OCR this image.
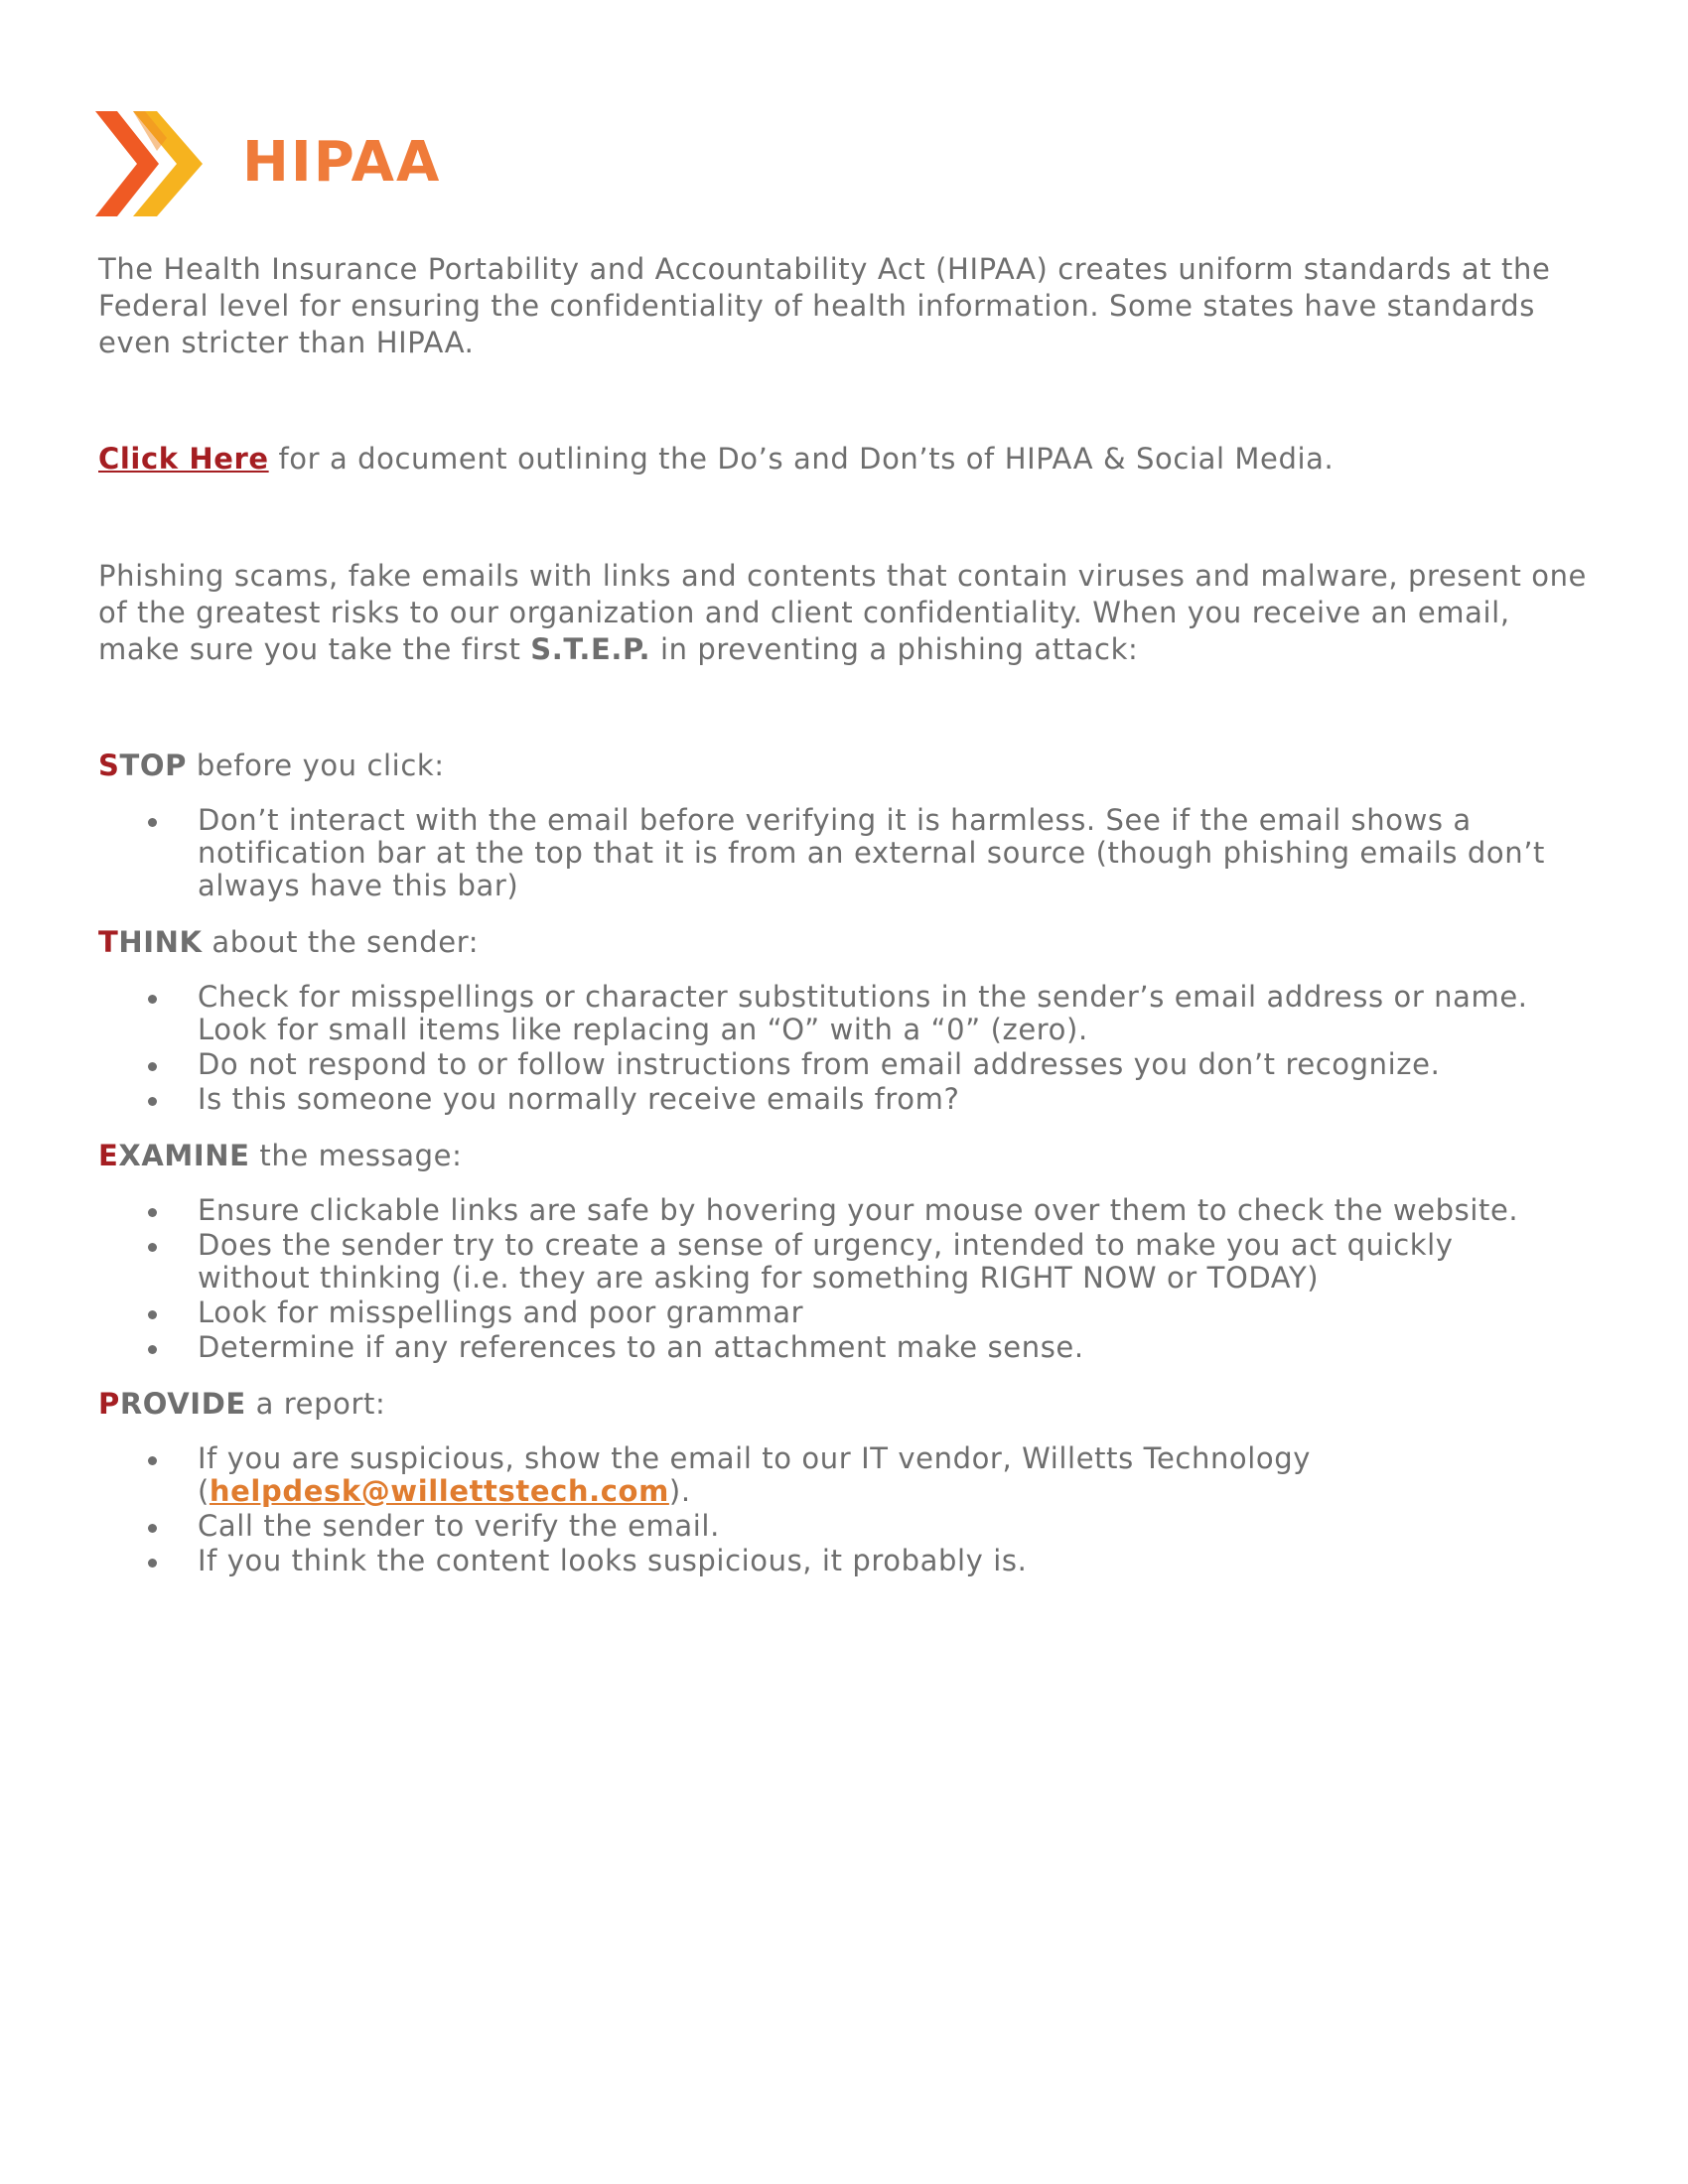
HIPAA

The Health Insurance Portability and Accountability Act (HIPAA) creates uniform standards at the Federal level for ensuring the confidentiality of health information. Some states have standards even stricter than HIPAA.

Click Here for a document outlining the Do’s and Don’ts of HIPAA & Social Media.

Phishing scams, fake emails with links and contents that contain viruses and malware, present one of the greatest risks to our organization and client confidentiality. When you receive an email, make sure you take the first S.T.E.P. in preventing a phishing attack:

STOP before you click:

Don’t interact with the email before verifying it is harmless. See if the email shows a notification bar at the top that it is from an external source (though phishing emails don’t always have this bar)

THINK about the sender:

Check for misspellings or character substitutions in the sender’s email address or name. Look for small items like replacing an “O” with a “0” (zero).
Do not respond to or follow instructions from email addresses you don’t recognize.
Is this someone you normally receive emails from?

EXAMINE the message:

Ensure clickable links are safe by hovering your mouse over them to check the website.
Does the sender try to create a sense of urgency, intended to make you act quickly without thinking (i.e. they are asking for something RIGHT NOW or TODAY)
Look for misspellings and poor grammar
Determine if any references to an attachment make sense.

PROVIDE a report:

If you are suspicious, show the email to our IT vendor, Willetts Technology (helpdesk@willettstech.com).
Call the sender to verify the email.
If you think the content looks suspicious, it probably is.
